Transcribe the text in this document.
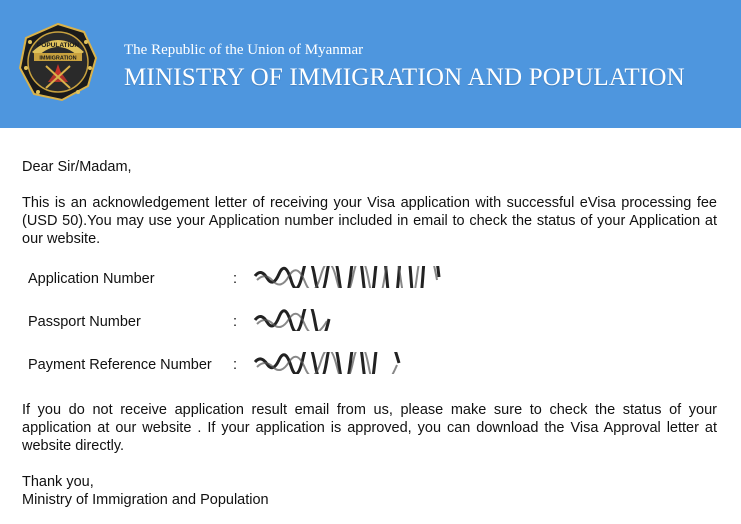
POPULATION
IMMIGRATION
The Republic of the Union of Myanmar
MINISTRY OF IMMIGRATION AND POPULATION

Dear Sir/Madam,

This is an acknowledgement letter of receiving your Visa application with successful eVisa processing fee (USD 50).You may use your Application number included in email to check the status of your Application at our website.

Application Number	:
Passport Number	:
Payment Reference Number :

If you do not receive application result email from us, please make sure to check the status of your application at our website . If your application is approved, you can download the Visa Approval letter at website directly.

Thank you,
Ministry of Immigration and Population
